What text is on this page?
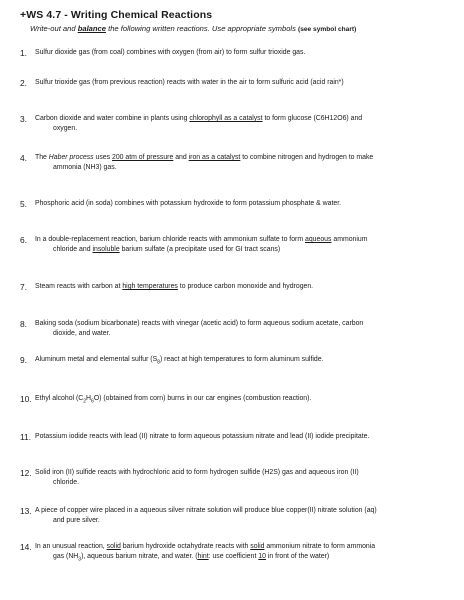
+WS 4.7 - Writing Chemical Reactions
Write-out and balance the following written reactions. Use appropriate symbols (see symbol chart)
1.	Sulfur dioxide gas (from coal) combines with oxygen (from air) to form sulfur trioxide gas.
2.	Sulfur trioxide gas (from previous reaction) reacts with water in the air to form sulfuric acid (acid rain*)
3.	Carbon dioxide and water combine in plants using chlorophyll as a catalyst to form glucose (C6H12O6) and
oxygen.
4.	The Haber process uses 200 atm of pressure and iron as a catalyst to combine nitrogen and hydrogen to make
ammonia (NH3) gas.
5.	Phosphoric acid (in soda) combines with potassium hydroxide to form potassium phosphate & water.
6.	In a double-replacement reaction, barium chloride reacts with ammonium sulfate to form aqueous ammonium
chloride and insoluble barium sulfate (a precipitate used for GI tract scans)
7.	Steam reacts with carbon at high temperatures to produce carbon monoxide and hydrogen.
8.	Baking soda (sodium bicarbonate) reacts with vinegar (acetic acid) to form aqueous sodium acetate, carbon
dioxide, and water.
9.	Aluminum metal and elemental sulfur $(S_8)$ react at high temperatures to form aluminum sulfide.
10. Ethyl alcohol $(C_2H_6O)$ (obtained from corn) burns in our car engines (combustion reaction).
11. Potassium iodide reacts with lead (II) nitrate to form aqueous potassium nitrate and lead (II) iodide precipitate.
12. Solid iron (II) sulfide reacts with hydrochloric acid to form hydrogen sulfide (H2S) gas and aqueous iron (II)
chloride.
13. A piece of copper wire placed in a aqueous silver nitrate solution will produce blue copper(II) nitrate solution (aq)
and pure silver.
14. In an unusual reaction, solid barium hydroxide octahydrate reacts with solid ammonium nitrate to form ammonia
gas $(NH_3)$, aqueous barium nitrate, and water. (hint: use coefficient 10 in front of the water)
